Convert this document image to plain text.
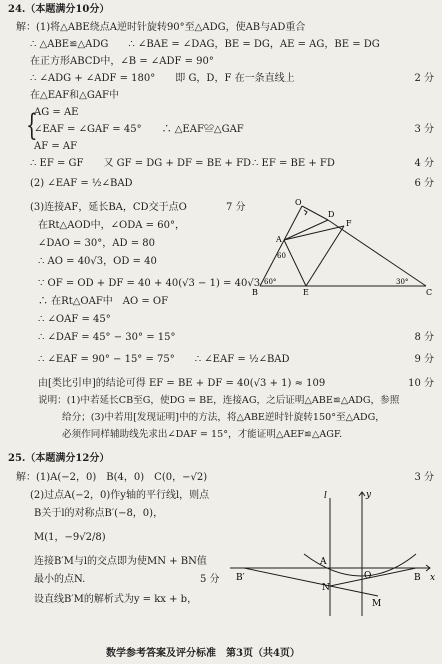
24.（本题满分10分）
解：(1)将△ABE绕点A逆时针旋转90°至△ADG，使AB与AD重合
∴ △ABE≌△ADG　　∴ ∠BAE = ∠DAG，BE = DG，AE = AG，BE = DG
在正方形ABCD中，∠B = ∠ADF = 90°
∴ ∠ADG + ∠ADF = 180°　　即 G，D，F 在一条直线上	2 分
在△EAF和△GAF中
{
AG = AE
∠EAF = ∠GAF = 45°　　∴ △EAF≌△GAF	3 分
AF = AF
∴ EF = GF　　又 GF = DG + DF = BE + FD ∴ EF = BE + FD	4 分
(2) ∠EAF = ½∠BAD	6 分
(3)连接AF，延长BA，CD交于点O	7 分
在Rt△AOD中，∠ODA = 60°，
∠DAO = 30°，AD = 80
∴ AO = 40√3，OD = 40
∵ OF = OD + DF = 40 + 40(√3 − 1) = 40√3
∴ 在Rt△OAF中　AO = OF
∴ ∠OAF = 45°
∴ ∠DAF = 45° − 30° = 15°	8 分
∴ ∠EAF = 90° − 15° = 75°　　∴ ∠EAF = ½∠BAD	9 分
O
D
F
A
60
E
60°	30°
B	C
由[类比引申]的结论可得 EF = BE + DF = 40(√3 + 1) ≈ 109	10 分
说明：(1)中若延长CB至G，使DG = BE，连接AG，之后证明△ABE≌△ADG，参照
给分；(3)中若用[发现证明]中的方法，将△ABE逆时针旋转150°至△ADG，
必须作同样辅助线先求出∠DAF = 15°，才能证明△AEF≌△AGF.
25.（本题满分12分）
解：(1)A(−2，0)　B(4，0)　C(0，−√2)	3 分
(2)过点A(−2，0)作y轴的平行线l，则点
B关于l的对称点B′(−8，0)，
M(1，−9√2/8)
连接B′M与l的交点即为使MN + BN值
最小的点N.	5 分
设直线B′M的解析式为y = kx + b，
l	y
A
O
B′	B x
N
M
数学参考答案及评分标准　第3页（共4页）
